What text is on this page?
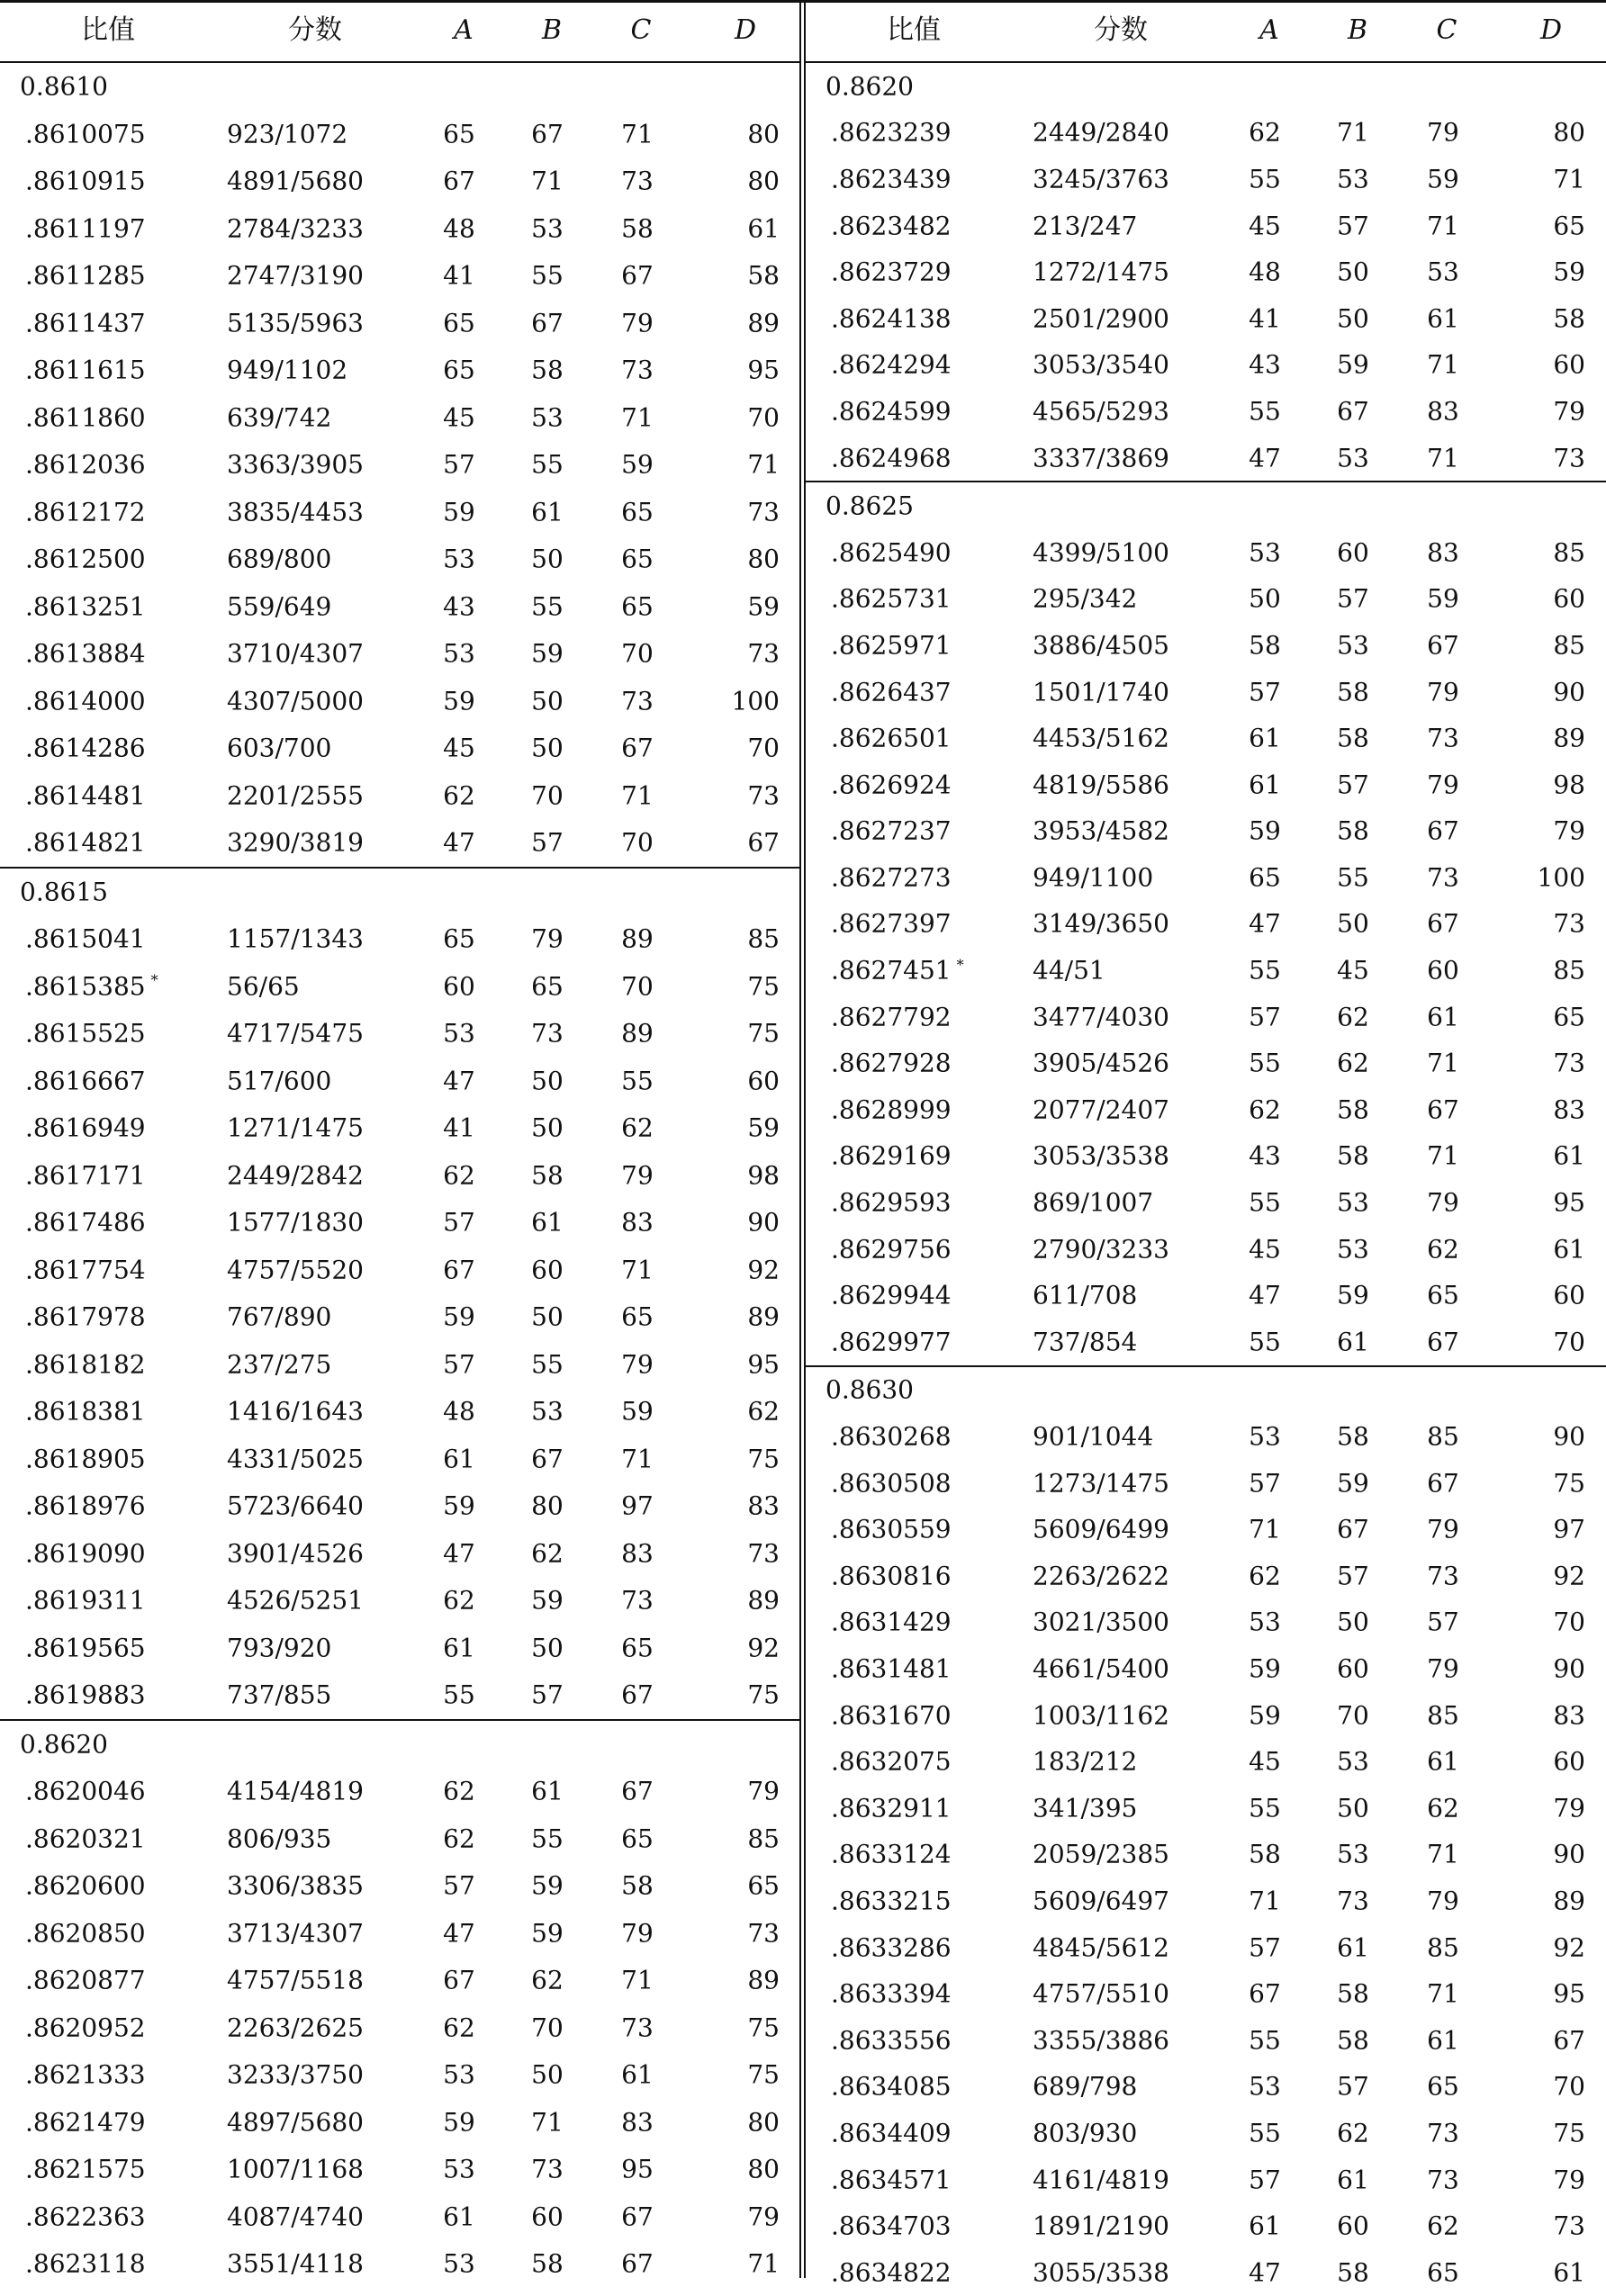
比值	分数	A	B	C	D
0.8610
.8610075	923/1072	65	67	71	80
.8610915	4891/5680	67	71	73	80
.8611197	2784/3233	48	53	58	61
.8611285	2747/3190	41	55	67	58
.8611437	5135/5963	65	67	79	89
.8611615	949/1102	65	58	73	95
.8611860	639/742	45	53	71	70
.8612036	3363/3905	57	55	59	71
.8612172	3835/4453	59	61	65	73
.8612500	689/800	53	50	65	80
.8613251	559/649	43	55	65	59
.8613884	3710/4307	53	59	70	73
.8614000	4307/5000	59	50	73	100
.8614286	603/700	45	50	67	70
.8614481	2201/2555	62	70	71	73
.8614821	3290/3819	47	57	70	67
0.8615
.8615041	1157/1343	65	79	89	85
.8615385 *	56/65	60	65	70	75
.8615525	4717/5475	53	73	89	75
.8616667	517/600	47	50	55	60
.8616949	1271/1475	41	50	62	59
.8617171	2449/2842	62	58	79	98
.8617486	1577/1830	57	61	83	90
.8617754	4757/5520	67	60	71	92
.8617978	767/890	59	50	65	89
.8618182	237/275	57	55	79	95
.8618381	1416/1643	48	53	59	62
.8618905	4331/5025	61	67	71	75
.8618976	5723/6640	59	80	97	83
.8619090	3901/4526	47	62	83	73
.8619311	4526/5251	62	59	73	89
.8619565	793/920	61	50	65	92
.8619883	737/855	55	57	67	75
0.8620
.8620046	4154/4819	62	61	67	79
.8620321	806/935	62	55	65	85
.8620600	3306/3835	57	59	58	65
.8620850	3713/4307	47	59	79	73
.8620877	4757/5518	67	62	71	89
.8620952	2263/2625	62	70	73	75
.8621333	3233/3750	53	50	61	75
.8621479	4897/5680	59	71	83	80
.8621575	1007/1168	53	73	95	80
.8622363	4087/4740	61	60	67	79
.8623118	3551/4118	53	58	67	71
比值	分数	A	B	C	D
0.8620
.8623239	2449/2840	62	71	79	80
.8623439	3245/3763	55	53	59	71
.8623482	213/247	45	57	71	65
.8623729	1272/1475	48	50	53	59
.8624138	2501/2900	41	50	61	58
.8624294	3053/3540	43	59	71	60
.8624599	4565/5293	55	67	83	79
.8624968	3337/3869	47	53	71	73
0.8625
.8625490	4399/5100	53	60	83	85
.8625731	295/342	50	57	59	60
.8625971	3886/4505	58	53	67	85
.8626437	1501/1740	57	58	79	90
.8626501	4453/5162	61	58	73	89
.8626924	4819/5586	61	57	79	98
.8627237	3953/4582	59	58	67	79
.8627273	949/1100	65	55	73	100
.8627397	3149/3650	47	50	67	73
.8627451 *	44/51	55	45	60	85
.8627792	3477/4030	57	62	61	65
.8627928	3905/4526	55	62	71	73
.8628999	2077/2407	62	58	67	83
.8629169	3053/3538	43	58	71	61
.8629593	869/1007	55	53	79	95
.8629756	2790/3233	45	53	62	61
.8629944	611/708	47	59	65	60
.8629977	737/854	55	61	67	70
0.8630
.8630268	901/1044	53	58	85	90
.8630508	1273/1475	57	59	67	75
.8630559	5609/6499	71	67	79	97
.8630816	2263/2622	62	57	73	92
.8631429	3021/3500	53	50	57	70
.8631481	4661/5400	59	60	79	90
.8631670	1003/1162	59	70	85	83
.8632075	183/212	45	53	61	60
.8632911	341/395	55	50	62	79
.8633124	2059/2385	58	53	71	90
.8633215	5609/6497	71	73	79	89
.8633286	4845/5612	57	61	85	92
.8633394	4757/5510	67	58	71	95
.8633556	3355/3886	55	58	61	67
.8634085	689/798	53	57	65	70
.8634409	803/930	55	62	73	75
.8634571	4161/4819	57	61	73	79
.8634703	1891/2190	61	60	62	73
.8634822	3055/3538	47	58	65	61
